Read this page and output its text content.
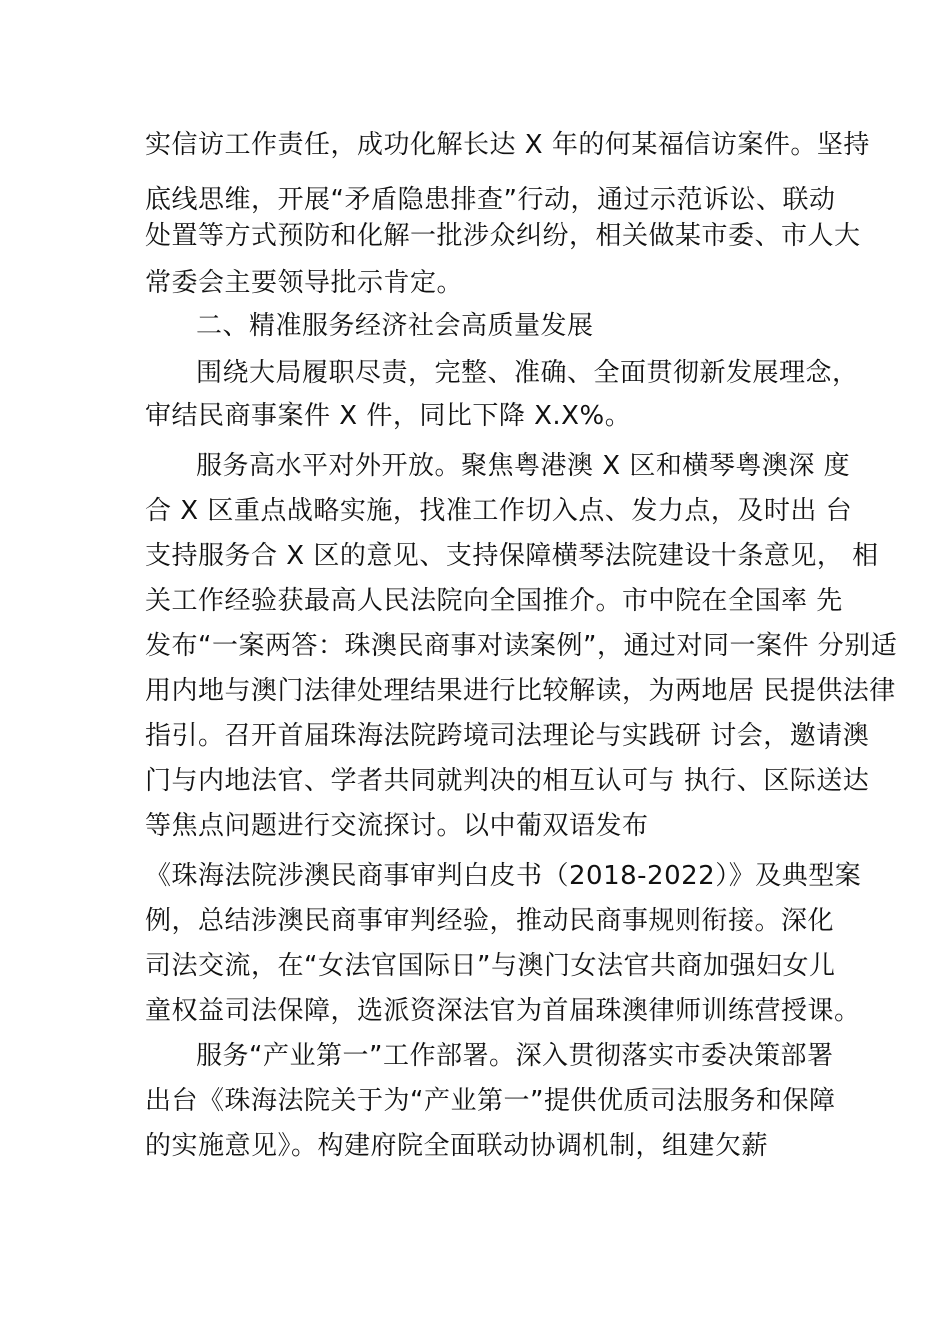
实信访工作责任，成功化解长达 X 年的何某福信访案件。坚持
底线思维，开展“矛盾隐患排查”行动，通过示范诉讼、联动
处置等方式预防和化解一批涉众纠纷，相关做某市委、市人大
常委会主要领导批示肯定。
二、精准服务经济社会高质量发展
围绕大局履职尽责，完整、准确、全面贯彻新发展理念，
审结民商事案件 X 件，同比下降 X.X%。
服务高水平对外开放。聚焦粤港澳 X 区和横琴粤澳深 度
合 X 区重点战略实施，找准工作切入点、发力点，及时出 台
支持服务合 X 区的意见、支持保障横琴法院建设十条意见， 相
关工作经验获最高人民法院向全国推介。市中院在全国率 先
发布“一案两答：珠澳民商事对读案例”，通过对同一案件 分别适
用内地与澳门法律处理结果进行比较解读，为两地居 民提供法律
指引。召开首届珠海法院跨境司法理论与实践研 讨会，邀请澳
门与内地法官、学者共同就判决的相互认可与 执行、区际送达
等焦点问题进行交流探讨。以中葡双语发布
《珠海法院涉澳民商事审判白皮书（2018-2022）》及典型案
例，总结涉澳民商事审判经验，推动民商事规则衔接。深化
司法交流，在“女法官国际日”与澳门女法官共商加强妇女儿
童权益司法保障，选派资深法官为首届珠澳律师训练营授课。
服务“产业第一”工作部署。深入贯彻落实市委决策部署
出台《珠海法院关于为“产业第一”提供优质司法服务和保障
的实施意见》。构建府院全面联动协调机制，组建欠薪
